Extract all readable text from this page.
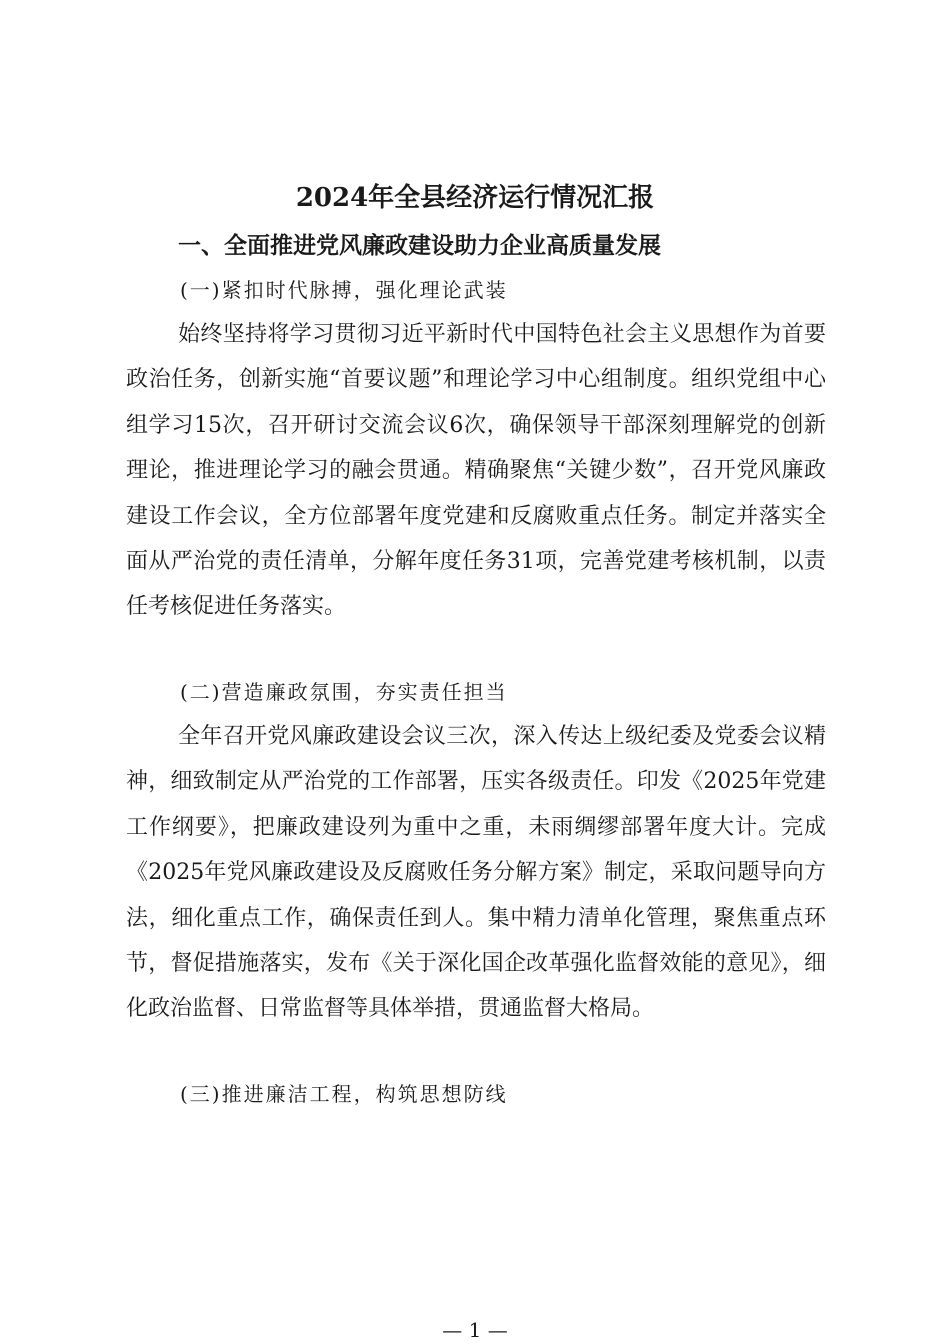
2024年全县经济运行情况汇报
一、全面推进党风廉政建设助力企业高质量发展
(一)紧扣时代脉搏，强化理论武装
始终坚持将学习贯彻习近平新时代中国特色社会主义思想作为首要政治任务，创新实施“首要议题”和理论学习中心组制度。组织党组中心组学习15次，召开研讨交流会议6次，确保领导干部深刻理解党的创新理论，推进理论学习的融会贯通。精确聚焦“关键少数”，召开党风廉政建设工作会议，全方位部署年度党建和反腐败重点任务。制定并落实全面从严治党的责任清单，分解年度任务31项，完善党建考核机制，以责任考核促进任务落实。
(二)营造廉政氛围，夯实责任担当
全年召开党风廉政建设会议三次，深入传达上级纪委及党委会议精神，细致制定从严治党的工作部署，压实各级责任。印发《2025年党建工作纲要》，把廉政建设列为重中之重，未雨绸缪部署年度大计。完成《2025年党风廉政建设及反腐败任务分解方案》制定，采取问题导向方法，细化重点工作，确保责任到人。集中精力清单化管理，聚焦重点环节，督促措施落实，发布《关于深化国企改革强化监督效能的意见》，细化政治监督、日常监督等具体举措，贯通监督大格局。
(三)推进廉洁工程，构筑思想防线
— 1 —
